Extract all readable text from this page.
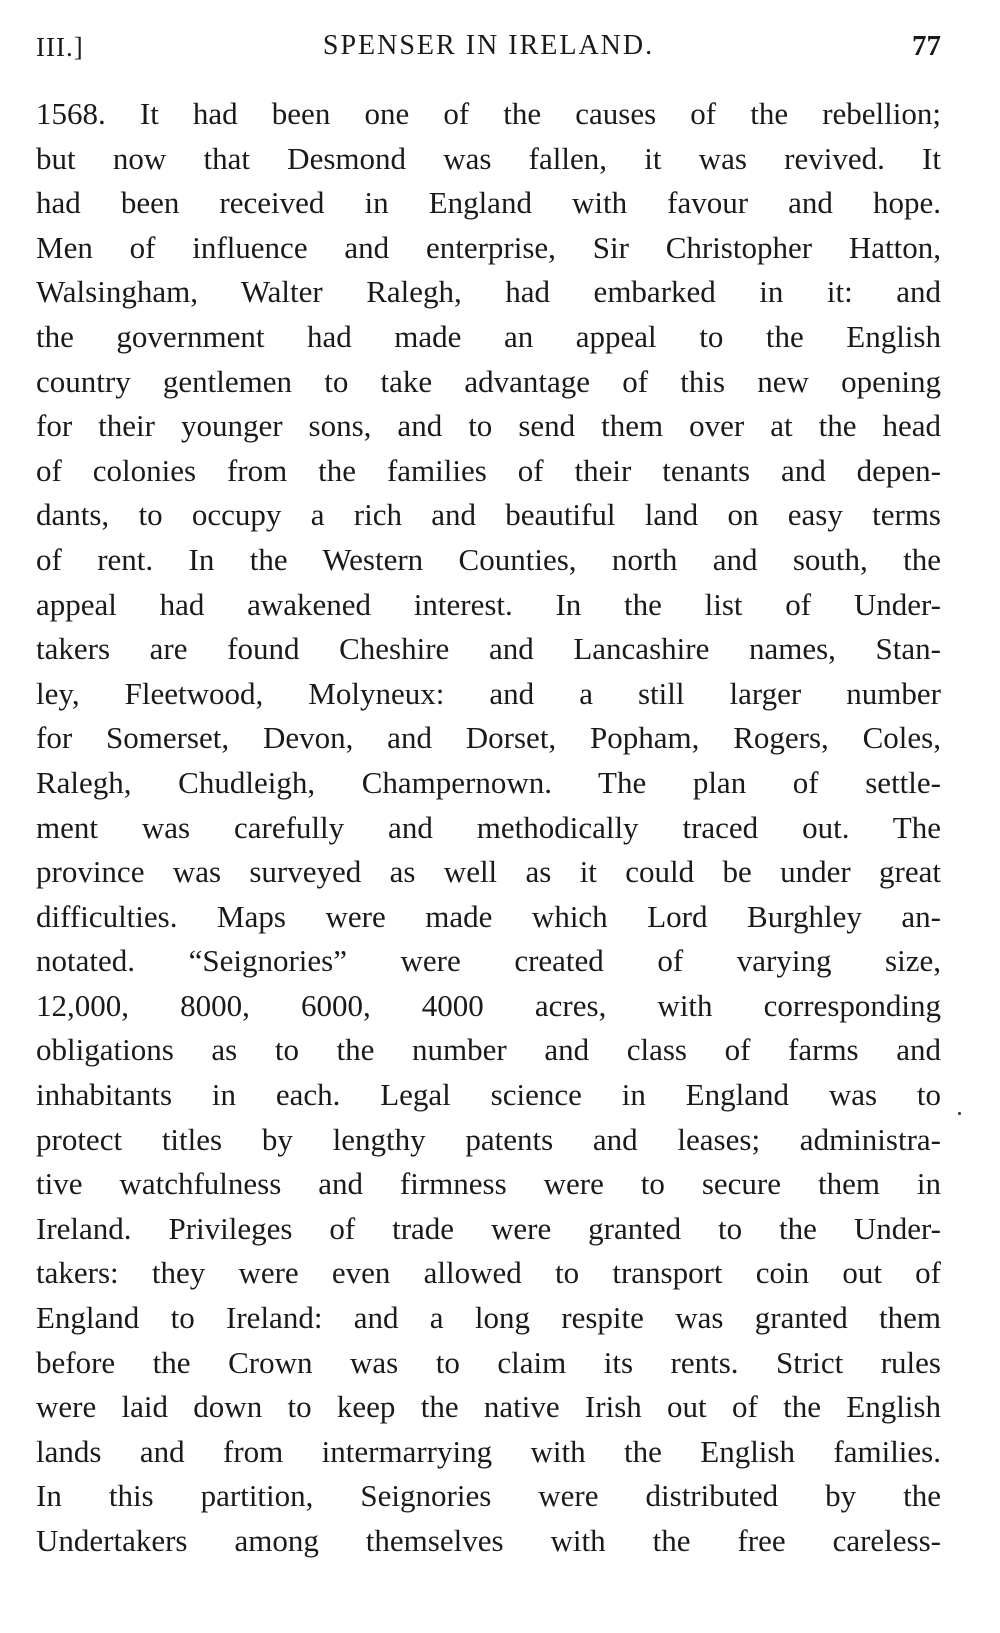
III.]	SPENSER IN IRELAND.	77
1568. It had been one of the causes of the rebellion;
but now that Desmond was fallen, it was revived. It
had been received in England with favour and hope.
Men of influence and enterprise, Sir Christopher Hatton,
Walsingham, Walter Ralegh, had embarked in it: and
the government had made an appeal to the English
country gentlemen to take advantage of this new opening
for their younger sons, and to send them over at the head
of colonies from the families of their tenants and depen-
dants, to occupy a rich and beautiful land on easy terms
of rent. In the Western Counties, north and south, the
appeal had awakened interest. In the list of Under-
takers are found Cheshire and Lancashire names, Stan-
ley, Fleetwood, Molyneux: and a still larger number
for Somerset, Devon, and Dorset, Popham, Rogers, Coles,
Ralegh, Chudleigh, Champernown. The plan of settle-
ment was carefully and methodically traced out. The
province was surveyed as well as it could be under great
difficulties. Maps were made which Lord Burghley an-
notated. “Seignories” were created of varying size,
12,000, 8000, 6000, 4000 acres, with corresponding
obligations as to the number and class of farms and
inhabitants in each. Legal science in England was to
protect titles by lengthy patents and leases; administra-
tive watchfulness and firmness were to secure them in
Ireland. Privileges of trade were granted to the Under-
takers: they were even allowed to transport coin out of
England to Ireland: and a long respite was granted them
before the Crown was to claim its rents. Strict rules
were laid down to keep the native Irish out of the English
lands and from intermarrying with the English families.
In this partition, Seignories were distributed by the
Undertakers among themselves with the free careless-
